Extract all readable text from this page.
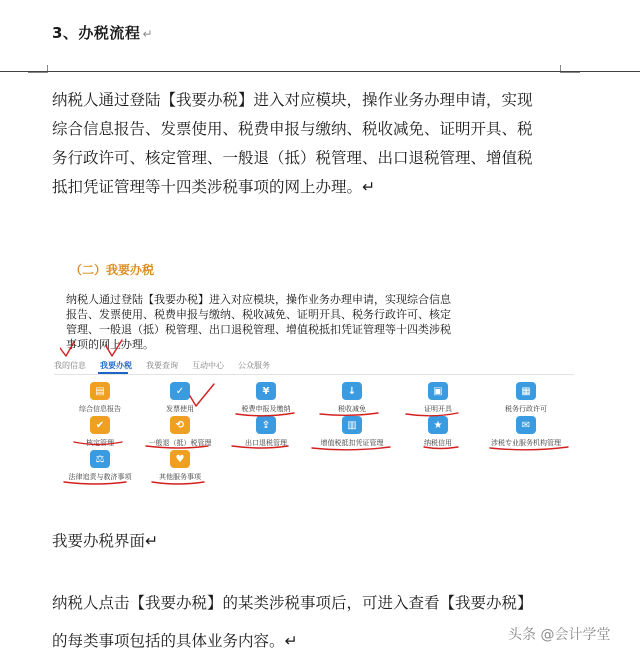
3、办税流程 ↵
纳税人通过登陆【我要办税】进入对应模块，操作业务办理申请，实现
综合信息报告、发票使用、税费申报与缴纳、税收减免、证明开具、税
务行政许可、核定管理、一般退（抵）税管理、出口退税管理、增值税
抵扣凭证管理等十四类涉税事项的网上办理。↵
（二）我要办税
纳税人通过登陆【我要办税】进入对应模块，操作业务办理申请，实现综合信息
报告、发票使用、税费申报与缴纳、税收减免、证明开具、税务行政许可、核定
管理、一般退（抵）税管理、出口退税管理、增值税抵扣凭证管理等十四类涉税
事项的网上办理。
我的信息 我要办税 我要查询 互动中心 公众服务
▤
综合信息报告
✓
发票使用
¥
税费申报及缴纳
↓
税收减免
▣
证明开具
▦
税务行政许可
✔
核定管理
⟲
一般退（抵）税管理
⇪
出口退税管理
▥
增值税抵扣凭证管理
★
纳税信用
✉
涉税专业服务机构管理
⚖
法律追责与救济事项
♥
其他服务事项
我要办税界面↵
纳税人点击【我要办税】的某类涉税事项后，可进入查看【我要办税】
的每类事项包括的具体业务内容。↵	头条 @会计学堂
